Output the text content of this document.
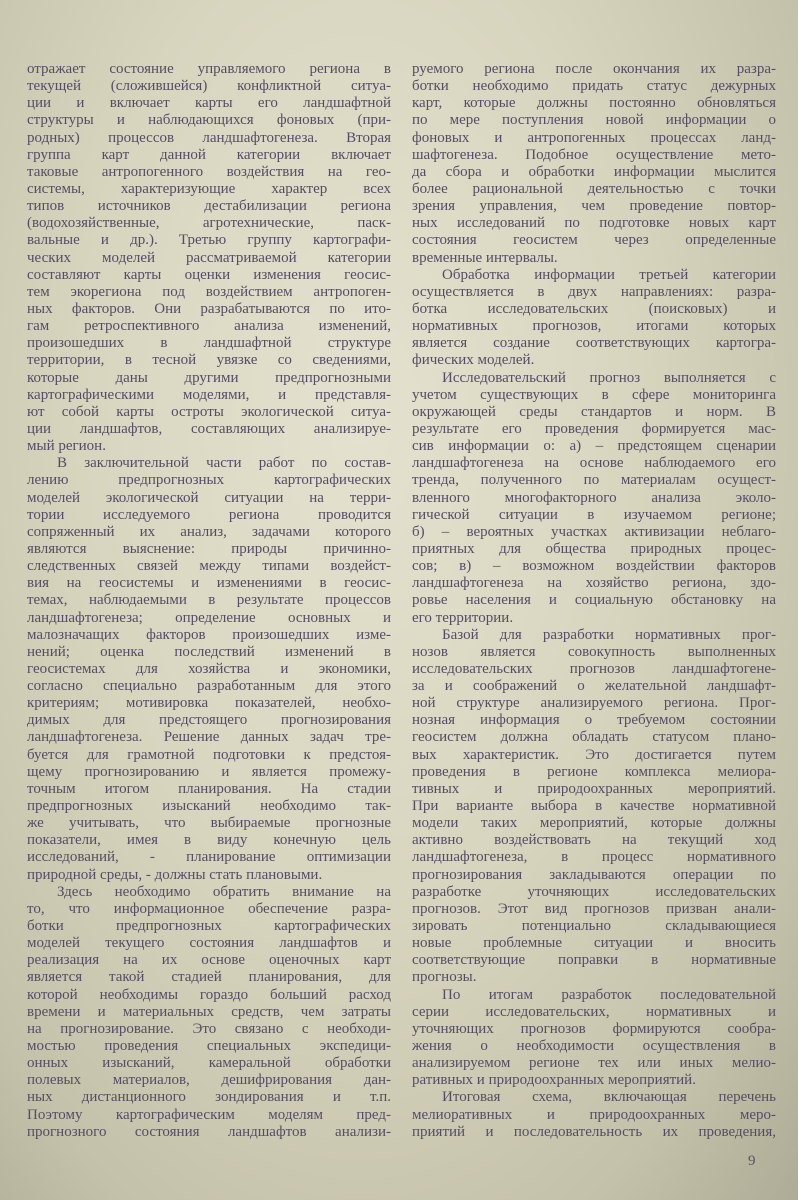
отражает состояние управляемого региона в
текущей (сложившейся) конфликтной ситуа-
ции и включает карты его ландшафтной
структуры и наблюдающихся фоновых (при-
родных) процессов ландшафтогенеза. Вторая
группа карт данной категории включает
таковые антропогенного воздействия на гео-
системы, характеризующие характер всех
типов источников дестабилизации региона
(водохозяйственные, агротехнические, паск-
вальные и др.). Третью группу картографи-
ческих моделей рассматриваемой категории
составляют карты оценки изменения геосис-
тем экорегиона под воздействием антропоген-
ных факторов. Они разрабатываются по ито-
гам ретроспективного анализа изменений,
произошедших в ландшафтной структуре
территории, в тесной увязке со сведениями,
которые даны другими предпрогнозными
картографическими моделями, и представля-
ют собой карты остроты экологической ситуа-
ции ландшафтов, составляющих анализируе-
мый регион.
В заключительной части работ по состав-
лению предпрогнозных картографических
моделей экологической ситуации на терри-
тории исследуемого региона проводится
сопряженный их анализ, задачами которого
являются выяснение: природы причинно-
следственных связей между типами воздейст-
вия на геосистемы и изменениями в геосис-
темах, наблюдаемыми в результате процессов
ландшафтогенеза; определение основных и
малозначащих факторов произошедших изме-
нений; оценка последствий изменений в
геосистемах для хозяйства и экономики,
согласно специально разработанным для этого
критериям; мотивировка показателей, необхо-
димых для предстоящего прогнозирования
ландшафтогенеза. Решение данных задач тре-
буется для грамотной подготовки к предстоя-
щему прогнозированию и является промежу-
точным итогом планирования. На стадии
предпрогнозных изысканий необходимо так-
же учитывать, что выбираемые прогнозные
показатели, имея в виду конечную цель
исследований, - планирование оптимизации
природной среды, - должны стать плановыми.
Здесь необходимо обратить внимание на
то, что информационное обеспечение разра-
ботки предпрогнозных картографических
моделей текущего состояния ландшафтов и
реализация на их основе оценочных карт
является такой стадией планирования, для
которой необходимы гораздо больший расход
времени и материальных средств, чем затраты
на прогнозирование. Это связано с необходи-
мостью проведения специальных экспедици-
онных изысканий, камеральной обработки
полевых материалов, дешифрирования дан-
ных дистанционного зондирования и т.п.
Поэтому картографическим моделям пред-
прогнозного состояния ландшафтов анализи-
руемого региона после окончания их разра-
ботки необходимо придать статус дежурных
карт, которые должны постоянно обновляться
по мере поступления новой информации о
фоновых и антропогенных процессах ланд-
шафтогенеза. Подобное осуществление мето-
да сбора и обработки информации мыслится
более рациональной деятельностью с точки
зрения управления, чем проведение повтор-
ных исследований по подготовке новых карт
состояния геосистем через определенные
временные интервалы.
Обработка информации третьей категории
осуществляется в двух направлениях: разра-
ботка исследовательских (поисковых) и
нормативных прогнозов, итогами которых
является создание соответствующих картогра-
фических моделей.
Исследовательский прогноз выполняется с
учетом существующих в сфере мониторинга
окружающей среды стандартов и норм. В
результате его проведения формируется мас-
сив информации о: а) – предстоящем сценарии
ландшафтогенеза на основе наблюдаемого его
тренда, полученного по материалам осущест-
вленного многофакторного анализа эколо-
гической ситуации в изучаемом регионе;
б) – вероятных участках активизации неблаго-
приятных для общества природных процес-
сов; в) – возможном воздействии факторов
ландшафтогенеза на хозяйство региона, здо-
ровье населения и социальную обстановку на
его территории.
Базой для разработки нормативных прог-
нозов является совокупность выполненных
исследовательских прогнозов ландшафтогене-
за и соображений о желательной ландшафт-
ной структуре анализируемого региона. Прог-
нозная информация о требуемом состоянии
геосистем должна обладать статусом плано-
вых характеристик. Это достигается путем
проведения в регионе комплекса мелиора-
тивных и природоохранных мероприятий.
При варианте выбора в качестве нормативной
модели таких мероприятий, которые должны
активно воздействовать на текущий ход
ландшафтогенеза, в процесс нормативного
прогнозирования закладываются операции по
разработке уточняющих исследовательских
прогнозов. Этот вид прогнозов призван анали-
зировать потенциально складывающиеся
новые проблемные ситуации и вносить
соответствующие поправки в нормативные
прогнозы.
По итогам разработок последовательной
серии исследовательских, нормативных и
уточняющих прогнозов формируются сообра-
жения о необходимости осуществления в
анализируемом регионе тех или иных мелио-
ративных и природоохранных мероприятий.
Итоговая схема, включающая перечень
мелиоративных и природоохранных меро-
приятий и последовательность их проведения,
9
